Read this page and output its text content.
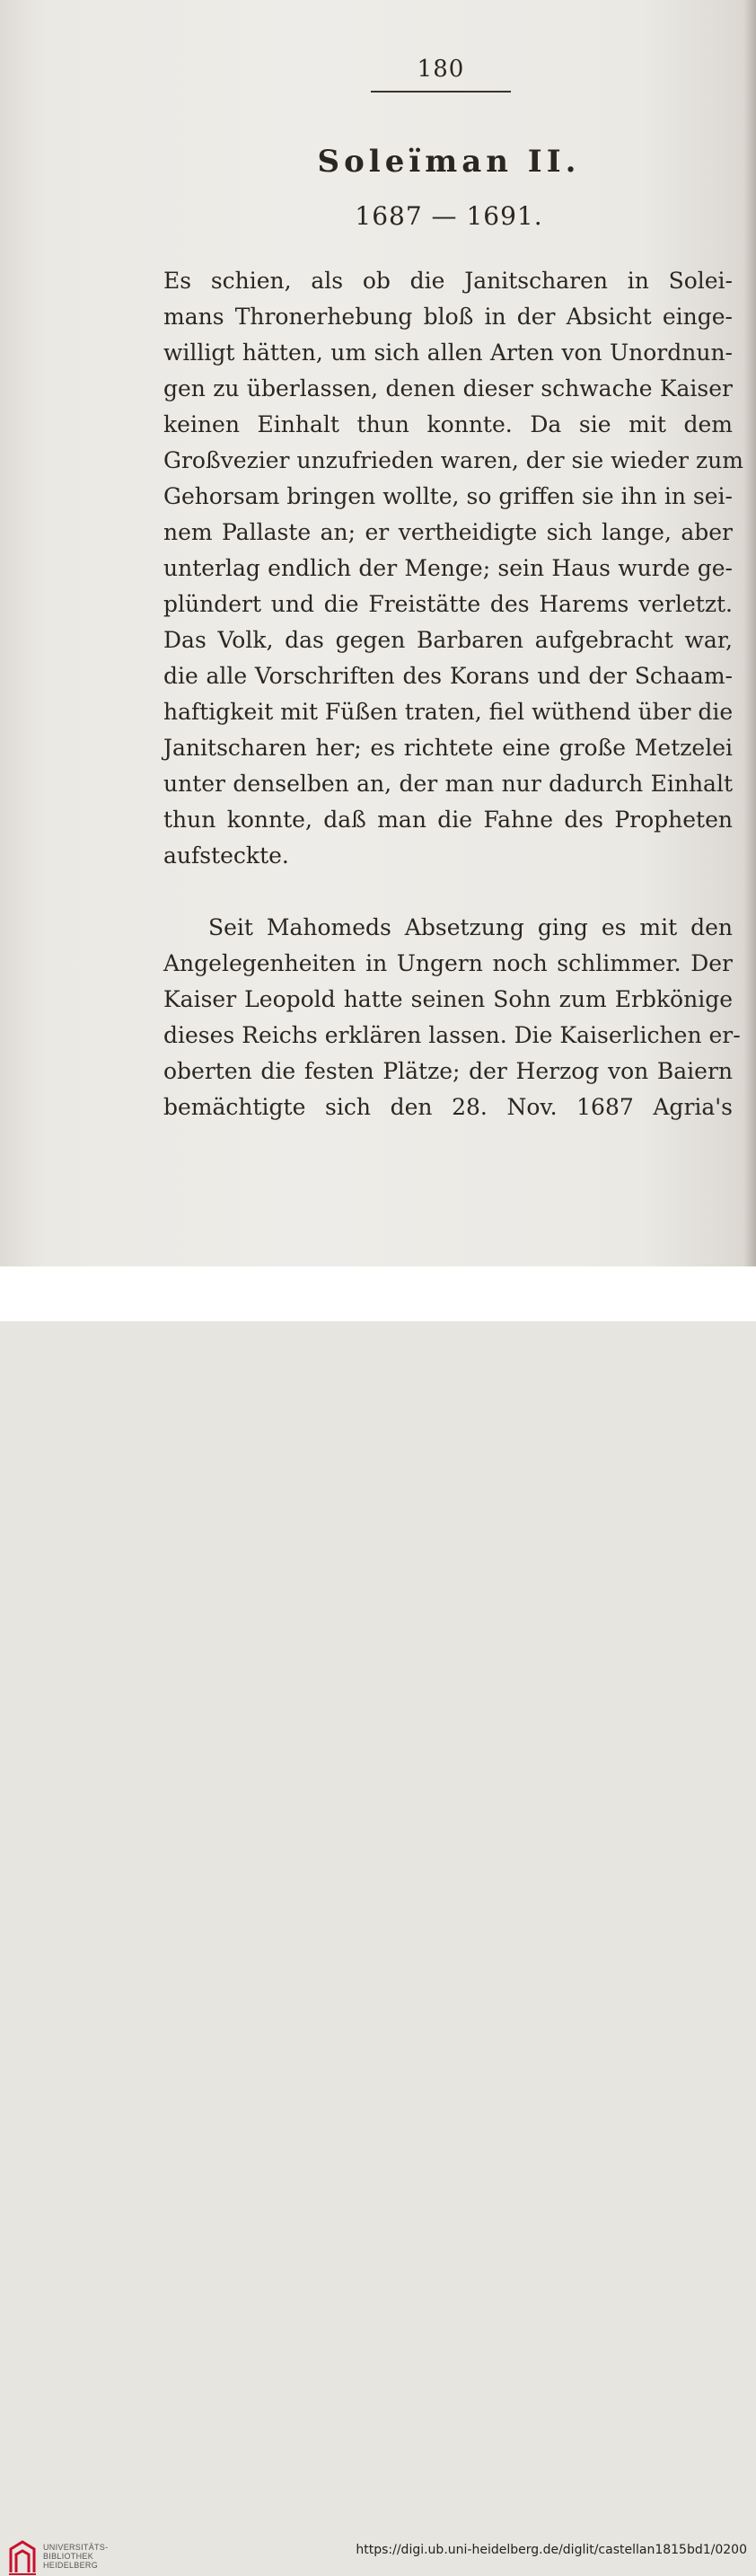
180
Soleïman II.
1687 — 1691.
Es schien, als ob die Janitscharen in Solei-
mans Thronerhebung bloß in der Absicht einge-
willigt hätten, um sich allen Arten von Unordnun-
gen zu überlassen, denen dieser schwache Kaiser
keinen Einhalt thun konnte. Da sie mit dem
Großvezier unzufrieden waren, der sie wieder zum
Gehorsam bringen wollte, so griffen sie ihn in sei-
nem Pallaste an; er vertheidigte sich lange, aber
unterlag endlich der Menge; sein Haus wurde ge-
plündert und die Freistätte des Harems verletzt.
Das Volk, das gegen Barbaren aufgebracht war,
die alle Vorschriften des Korans und der Schaam-
haftigkeit mit Füßen traten, fiel wüthend über die
Janitscharen her; es richtete eine große Metzelei
unter denselben an, der man nur dadurch Einhalt
thun konnte, daß man die Fahne des Propheten
aufsteckte.
Seit Mahomeds Absetzung ging es mit den
Angelegenheiten in Ungern noch schlimmer. Der
Kaiser Leopold hatte seinen Sohn zum Erbkönige
dieses Reichs erklären lassen. Die Kaiserlichen er-
oberten die festen Plätze; der Herzog von Baiern
bemächtigte sich den 28. Nov. 1687 Agria's
UNIVERSITÄTS-
BIBLIOTHEK
HEIDELBERG
https://digi.ub.uni-heidelberg.de/diglit/castellan1815bd1/0200
